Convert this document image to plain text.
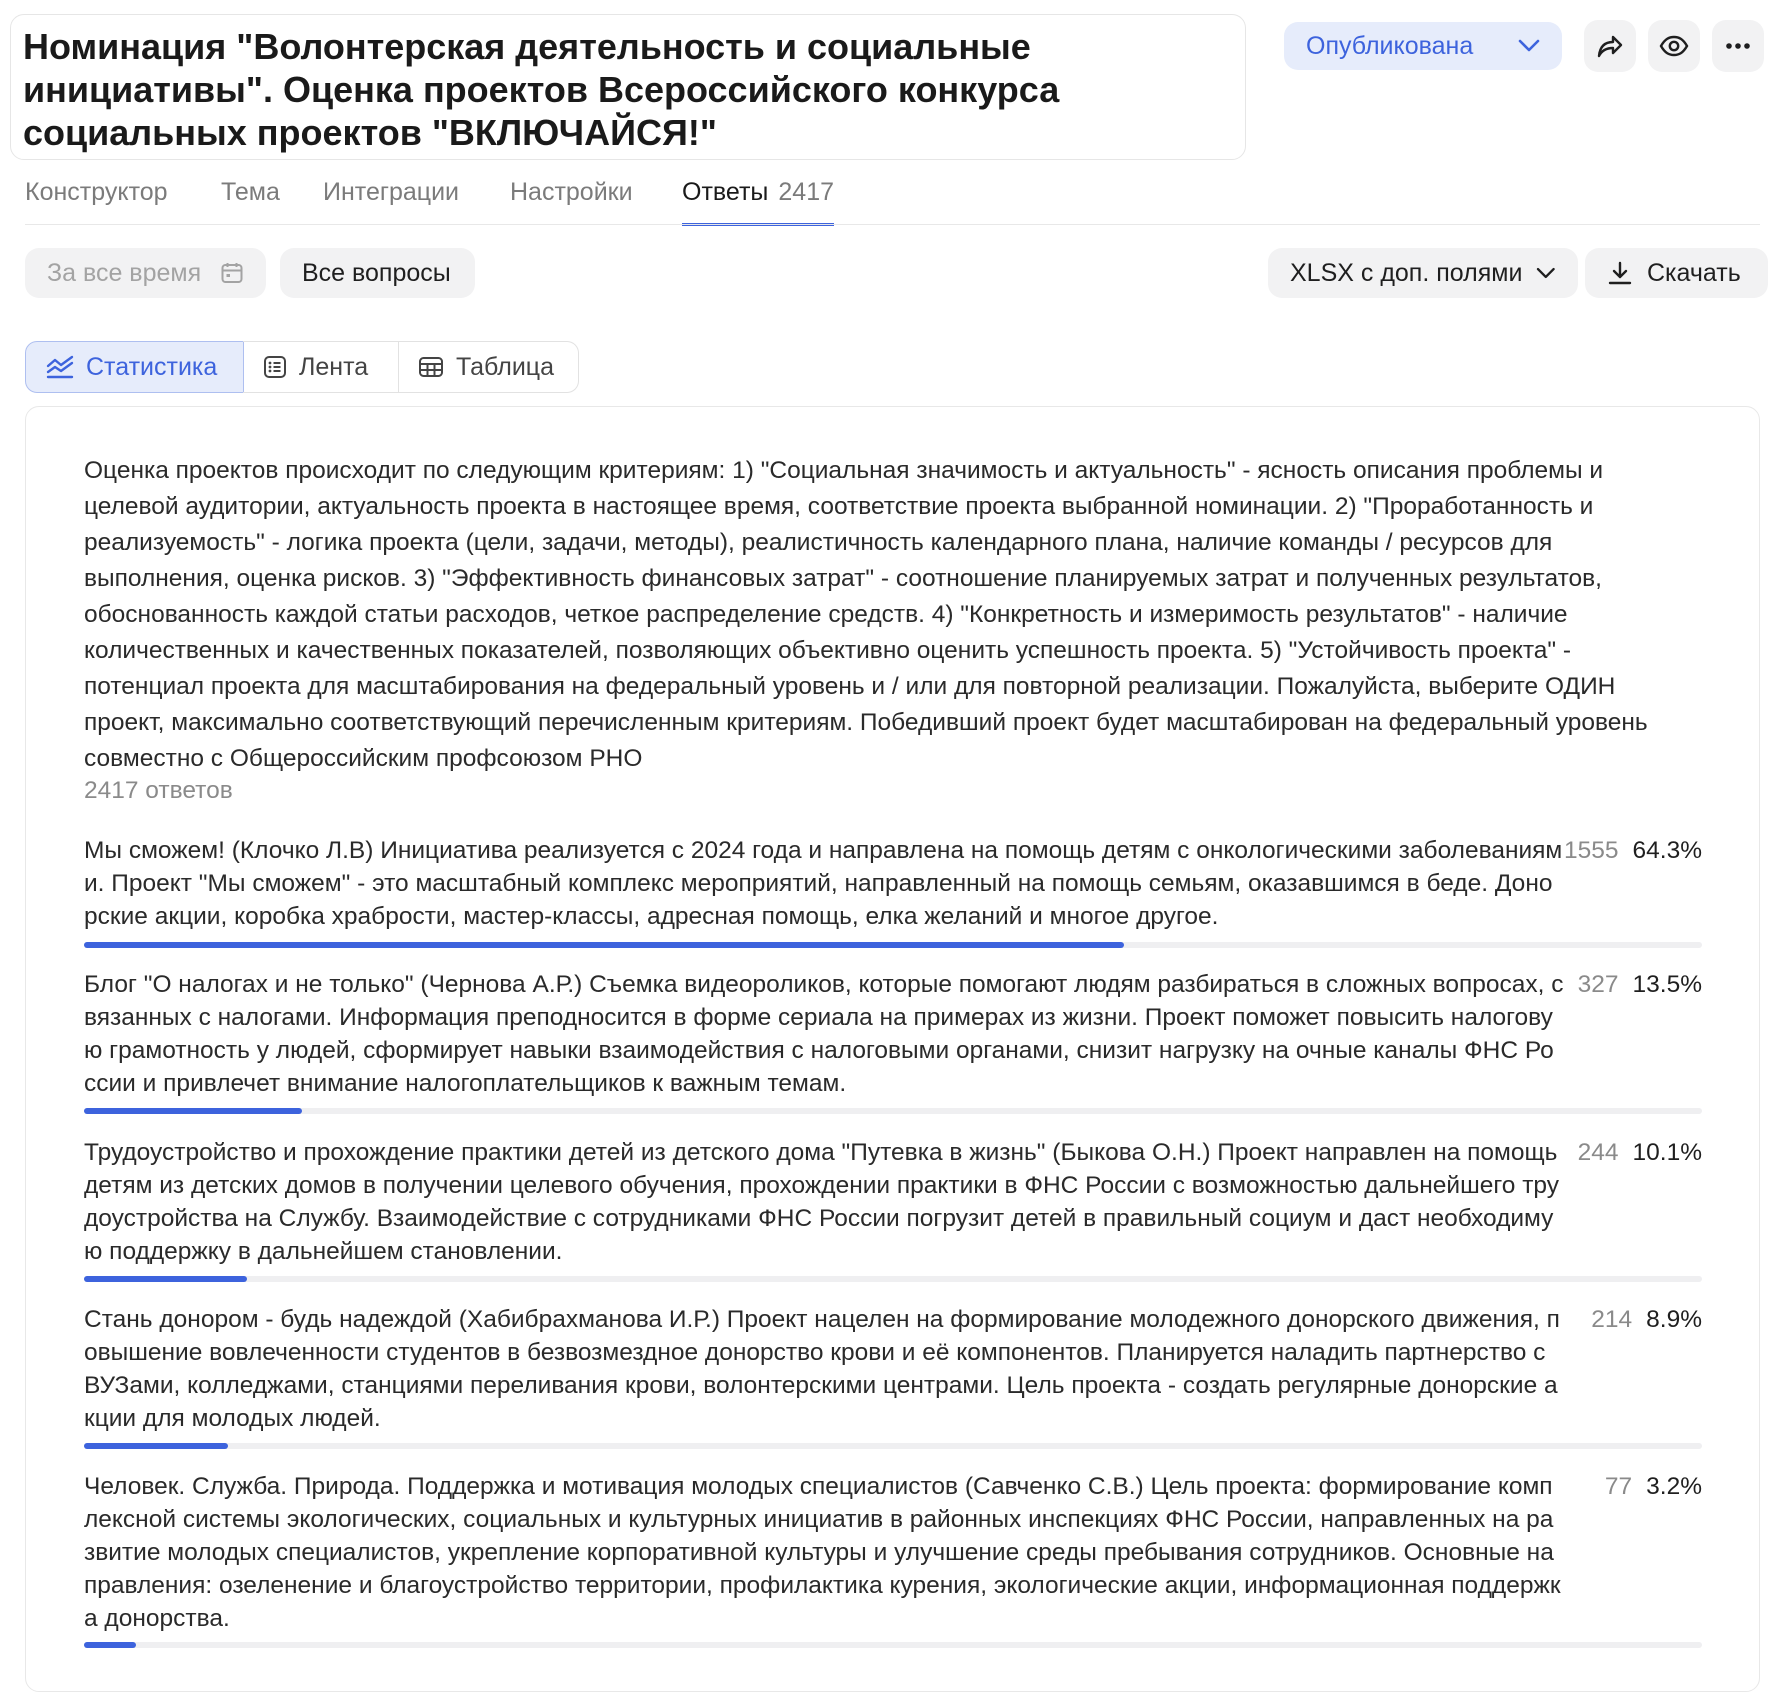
Номинация "Волонтерская деятельность и социальные инициативы". Оценка проектов Всероссийского конкурса социальных проектов "ВКЛЮЧАЙСЯ!"
Опубликована
Конструктор Тема Интеграции Настройки Ответы 2417
За все время	Все вопросы	XLSX с доп. полями	Скачать
Статистика	Лента	Таблица
Оценка проектов происходит по следующим критериям: 1) "Социальная значимость и актуальность" - ясность описания проблемы и целевой аудитории, актуальность проекта в настоящее время, соответствие проекта выбранной номинации. 2) "Проработанность и реализуемость" - логика проекта (цели, задачи, методы), реалистичность календарного плана, наличие команды / ресурсов для выполнения, оценка рисков. 3) "Эффективность финансовых затрат" - соотношение планируемых затрат и полученных результатов, обоснованность каждой статьи расходов, четкое распределение средств. 4) "Конкретность и измеримость результатов" - наличие количественных и качественных показателей, позволяющих объективно оценить успешность проекта. 5) "Устойчивость проекта" - потенциал проекта для масштабирования на федеральный уровень и / или для повторной реализации. Пожалуйста, выберите ОДИН проект, максимально соответствующий перечисленным критериям. Победивший проект будет масштабирован на федеральный уровень совместно с Общероссийским профсоюзом РНО
2417 ответов
Мы сможем! (Клочко Л.В) Инициатива реализуется с 2024 года и направлена на помощь детям с онкологическими заболеваниями. Проект "Мы сможем" - это масштабный комплекс мероприятий, направленный на помощь семьям, оказавшимся в беде. Донорские акции, коробка храбрости, мастер-классы, адресная помощь, елка желаний и многое другое.
1555 64.3%
Блог "О налогах и не только" (Чернова А.Р.) Съемка видеороликов, которые помогают людям разбираться в сложных вопросах, связанных с налогами. Информация преподносится в форме сериала на примерах из жизни. Проект поможет повысить налоговую грамотность у людей, сформирует навыки взаимодействия с налоговыми органами, снизит нагрузку на очные каналы ФНС России и привлечет внимание налогоплательщиков к важным темам.
327 13.5%
Трудоустройство и прохождение практики детей из детского дома "Путевка в жизнь" (Быкова О.Н.) Проект направлен на помощь детям из детских домов в получении целевого обучения, прохождении практики в ФНС России с возможностью дальнейшего трудоустройства на Службу. Взаимодействие с сотрудниками ФНС России погрузит детей в правильный социум и даст необходимую поддержку в дальнейшем становлении.
244 10.1%
Стань донором - будь надеждой (Хабибрахманова И.Р.) Проект нацелен на формирование молодежного донорского движения, повышение вовлеченности студентов в безвозмездное донорство крови и её компонентов. Планируется наладить партнерство с ВУЗами, колледжами, станциями переливания крови, волонтерскими центрами. Цель проекта - создать регулярные донорские акции для молодых людей.
214 8.9%
Человек. Служба. Природа. Поддержка и мотивация молодых специалистов (Савченко С.В.) Цель проекта: формирование комплексной системы экологических, социальных и культурных инициатив в районных инспекциях ФНС России, направленных на развитие молодых специалистов, укрепление корпоративной культуры и улучшение среды пребывания сотрудников. Основные направления: озеленение и благоустройство территории, профилактика курения, экологические акции, информационная поддержка донорства.
77 3.2%
